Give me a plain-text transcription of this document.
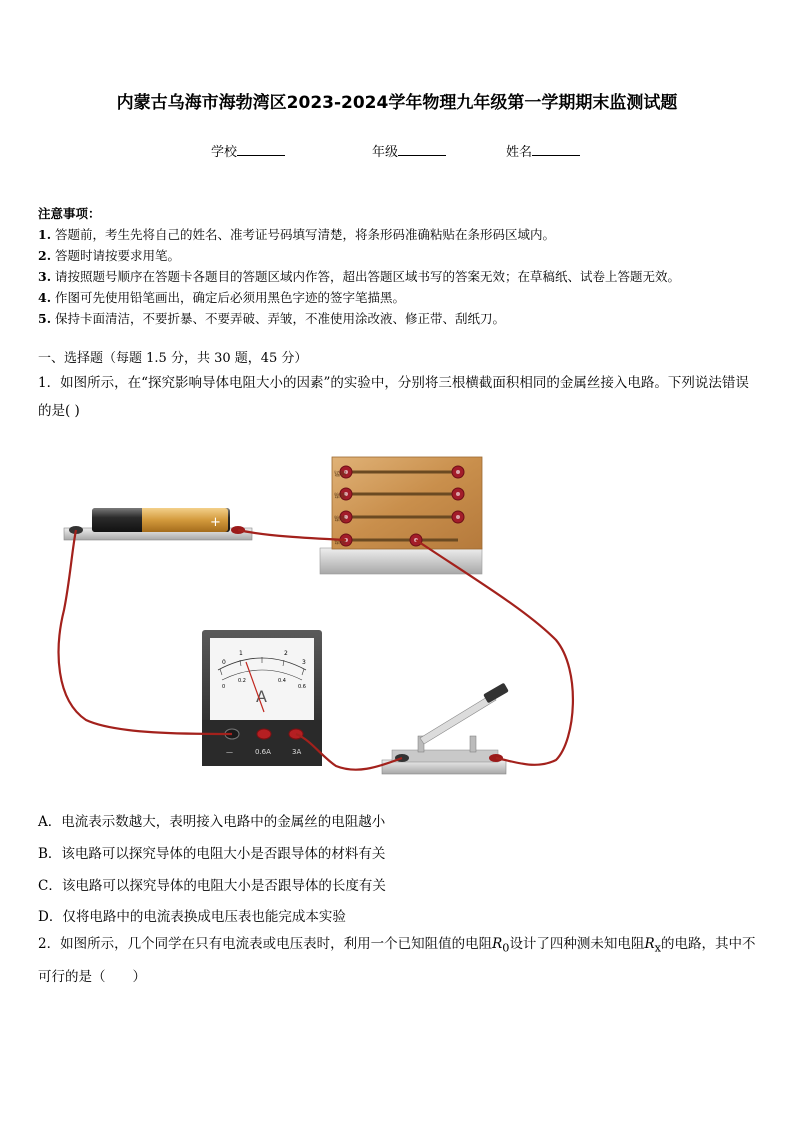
内蒙古乌海市海勃湾区2023-2024学年物理九年级第一学期期末监测试题
学校	年级	姓名
注意事项：
1. 答题前，考生先将自己的姓名、准考证号码填写清楚，将条形码准确粘贴在条形码区域内。
2. 答题时请按要求用笔。
3. 请按照题号顺序在答题卡各题目的答题区域内作答，超出答题区域书写的答案无效；在草稿纸、试卷上答题无效。
4. 作图可先使用铅笔画出，确定后必须用黑色字迹的签字笔描黑。
5. 保持卡面清洁，不要折暴、不要弄破、弄皱，不准使用涂改液、修正带、刮纸刀。
一、选择题（每题 1.5 分，共 30 题，45 分）
1．如图所示，在“探究影响导体电阻大小的因素”的实验中，分别将三根横截面积相同的金属丝接入电路。下列说法错误的是( )
+
锰铜
镍铬
镍铬
镍铬
0
1	2
3
0
0.2	0.4
0.6
A
—	0.6A	3A
A．电流表示数越大，表明接入电路中的金属丝的电阻越小
B．该电路可以探究导体的电阻大小是否跟导体的材料有关
C．该电路可以探究导体的电阻大小是否跟导体的长度有关
D．仅将电路中的电流表换成电压表也能完成本实验
2．如图所示，几个同学在只有电流表或电压表时，利用一个已知阻值的电阻$R_0$设计了四种测未知电阻$R_x$的电路，其中不可行的是（　　）
